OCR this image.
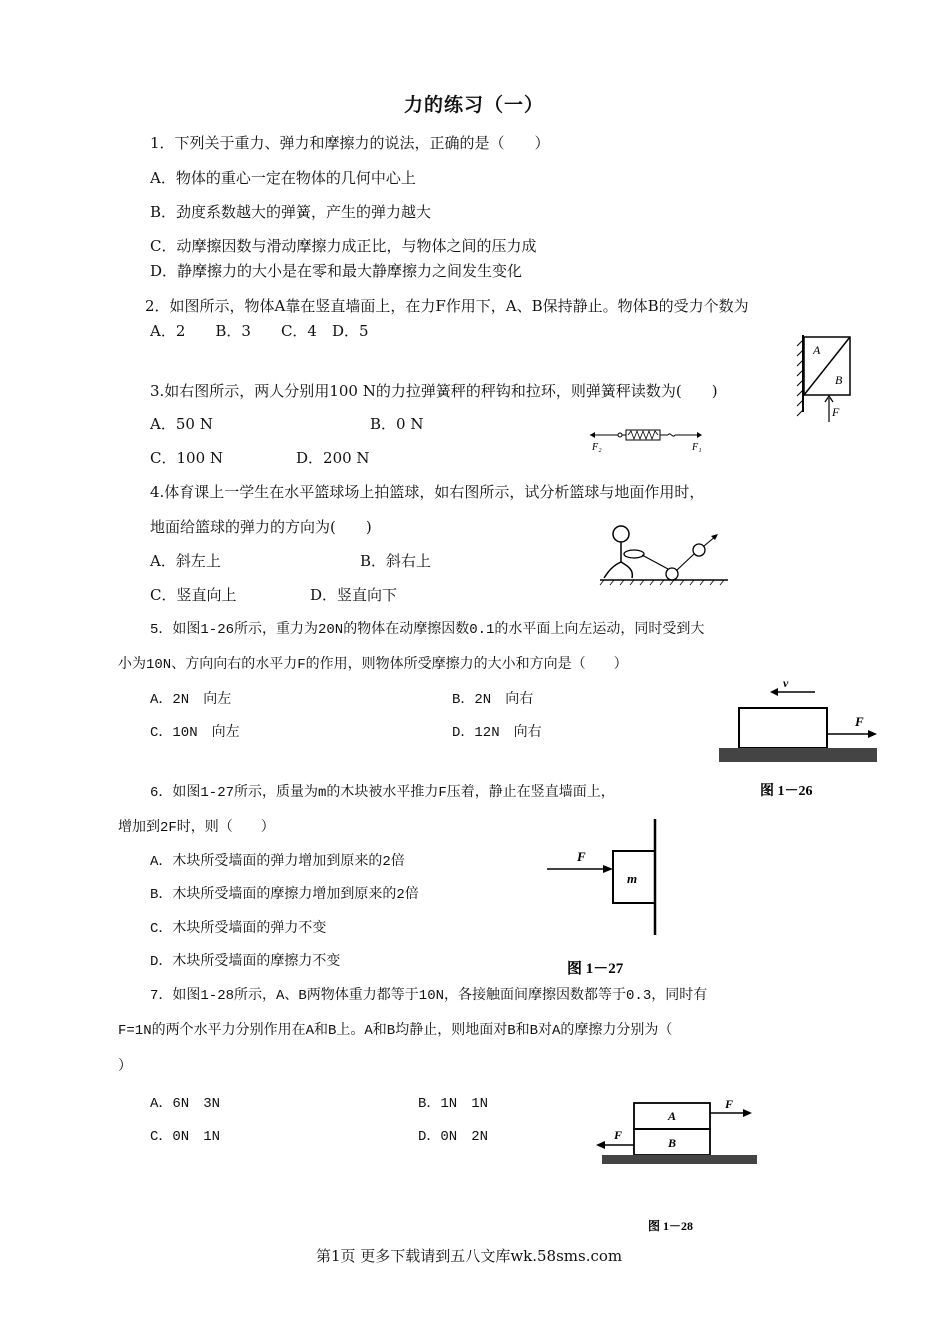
力的练习（一）
1．下列关于重力、弹力和摩擦力的说法，正确的是（　　）
A．物体的重心一定在物体的几何中心上
B．劲度系数越大的弹簧，产生的弹力越大
C．动摩擦因数与滑动摩擦力成正比，与物体之间的压力成
D．静摩擦力的大小是在零和最大静摩擦力之间发生变化
2．如图所示，物体A靠在竖直墙面上，在力F作用下，A、B保持静止。物体B的受力个数为
A．2　　B．3　　C．4　D．5
A
B
F
3.如右图所示，两人分别用100 N的力拉弹簧秤的秤钩和拉环，则弹簧秤读数为(　　)
A．50 N	B．0 N
C．100 N	D．200 N
F₂	F₁
4.体育课上一学生在水平篮球场上拍篮球，如右图所示，试分析篮球与地面作用时，
地面给篮球的弹力的方向为(　　)
A．斜左上	B．斜右上
C．竖直向上	D．竖直向下
5．如图1-26所示，重力为20N的物体在动摩擦因数0.1的水平面上向左运动，同时受到大
小为10N、方向向右的水平力F的作用，则物体所受摩擦力的大小和方向是（　　）
A．2N　向左	B．2N　向右
C．10N　向左	D．12N　向右
v
F
图 1－26
6．如图1-27所示，质量为m的木块被水平推力F压着，静止在竖直墙面上，
增加到2F时，则（　　）
A．木块所受墙面的弹力增加到原来的2倍
B．木块所受墙面的摩擦力增加到原来的2倍
C．木块所受墙面的弹力不变
D．木块所受墙面的摩擦力不变
m
F
图 1－27
7．如图1-28所示，A、B两物体重力都等于10N，各接触面间摩擦因数都等于0.3，同时有
F=1N的两个水平力分别作用在A和B上。A和B均静止，则地面对B和B对A的摩擦力分别为（
）
A．6N　3N	B．1N　1N
C．0N　1N	D．0N　2N
A
B
F
F
图 1－28
第1页 更多下载请到五八文库wk.58sms.com
